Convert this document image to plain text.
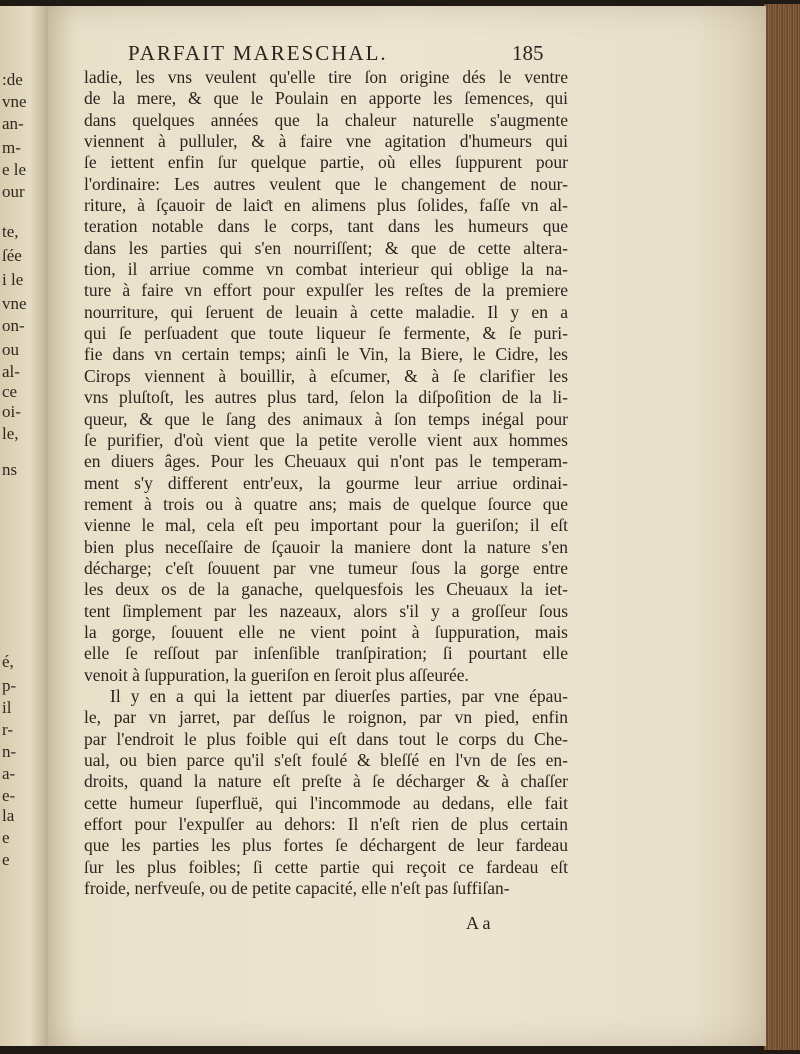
:de
vne
an-
m-
e le
our
te,
ſée
i le
vne
on-
ou
al-
ce
oi-
le,
ns
é,
p-
il
r-
n-
a-
e-
la
e
e
PARFAIT MARESCHAL.	185
ladie, les vns veulent qu'elle tire ſon origine dés le ventre
de la mere, & que le Poulain en apporte les ſemences, qui
dans quelques années que la chaleur naturelle s'augmente
viennent à pulluler, & à faire vne agitation d'humeurs qui
ſe iettent enfin ſur quelque partie, où elles ſuppurent pour
l'ordinaire: Les autres veulent que le changement de nour-
riture, à ſçauoir de laiƈt en alimens plus ſolides, faſſe vn al-
teration notable dans le corps, tant dans les humeurs que
dans les parties qui s'en nourriſſent; & que de cette altera-
tion, il arriue comme vn combat interieur qui oblige la na-
ture à faire vn effort pour expulſer les reſtes de la premiere
nourriture, qui ſeruent de leuain à cette maladie. Il y en a
qui ſe perſuadent que toute liqueur ſe fermente, & ſe puri-
fie dans vn certain temps; ainſi le Vin, la Biere, le Cidre, les
Cirops viennent à bouillir, à eſcumer, & à ſe clarifier les
vns pluſtoſt, les autres plus tard, ſelon la diſpoſition de la li-
queur, & que le ſang des animaux à ſon temps inégal pour
ſe purifier, d'où vient que la petite verolle vient aux hommes
en diuers âges. Pour les Cheuaux qui n'ont pas le temperam-
ment s'y different entr'eux, la gourme leur arriue ordinai-
rement à trois ou à quatre ans; mais de quelque ſource que
vienne le mal, cela eſt peu important pour la gueriſon; il eſt
bien plus neceſſaire de ſçauoir la maniere dont la nature s'en
décharge; c'eſt ſouuent par vne tumeur ſous la gorge entre
les deux os de la ganache, quelquesfois les Cheuaux la iet-
tent ſimplement par les nazeaux, alors s'il y a groſſeur ſous
la gorge, ſouuent elle ne vient point à ſuppuration, mais
elle ſe reſſout par inſenſible tranſpiration; ſi pourtant elle
venoit à ſuppuration, la gueriſon en ſeroit plus aſſeurée.
Il y en a qui la iettent par diuerſes parties, par vne épau-
le, par vn jarret, par deſſus le roignon, par vn pied, enfin
par l'endroit le plus foible qui eſt dans tout le corps du Che-
ual, ou bien parce qu'il s'eſt foulé & bleſſé en l'vn de ſes en-
droits, quand la nature eſt preſte à ſe décharger & à chaſſer
cette humeur ſuperfluë, qui l'incommode au dedans, elle fait
effort pour l'expulſer au dehors: Il n'eſt rien de plus certain
que les parties les plus fortes ſe déchargent de leur fardeau
ſur les plus foibles; ſi cette partie qui reçoit ce fardeau eſt
froide, nerfveuſe, ou de petite capacité, elle n'eſt pas ſuffiſan-
A a
